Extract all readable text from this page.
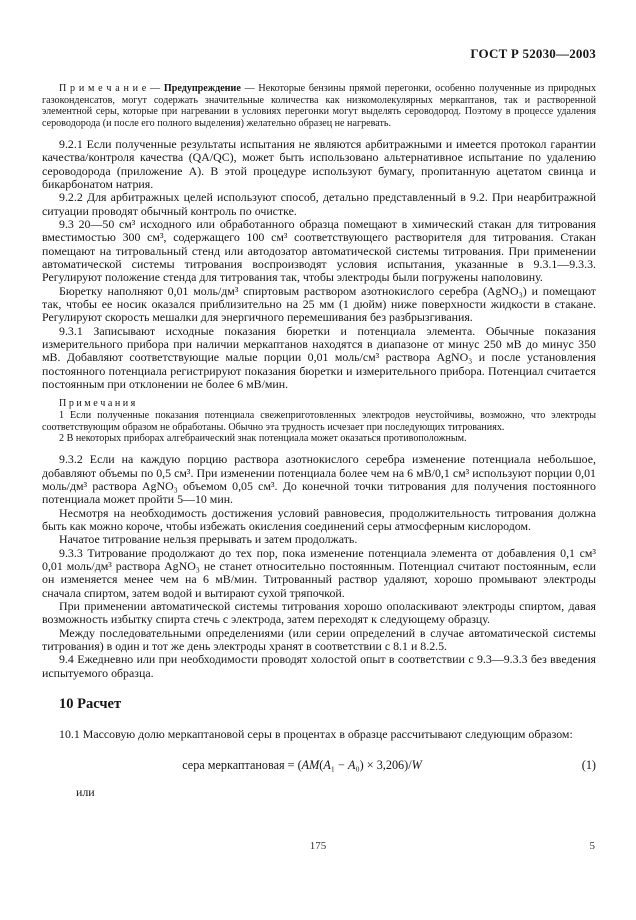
ГОСТ Р 52030—2003

П р и м е ч а н и е — Предупреждение — Некоторые бензины прямой перегонки, особенно полученные из природных газоконденсатов, могут содержать значительные количества как низкомолекулярных меркаптанов, так и растворенной элементной серы, которые при нагревании в условиях перегонки могут выделять сероводород. Поэтому в процессе удаления сероводорода (и после его полного выделения) желательно образец не нагревать.

9.2.1 Если полученные результаты испытания не являются арбитражными и имеется протокол гарантии качества/контроля качества (QA/QC), может быть использовано альтернативное испытание по удалению сероводорода (приложение А). В этой процедуре используют бумагу, пропитанную ацетатом свинца и бикарбонатом натрия.

9.2.2 Для арбитражных целей используют способ, детально представленный в 9.2. При неарбитражной ситуации проводят обычный контроль по очистке.

9.3 20—50 см³ исходного или обработанного образца помещают в химический стакан для титрования вместимостью 300 см³, содержащего 100 см³ соответствующего растворителя для титрования. Стакан помещают на титровальный стенд или автодозатор автоматической системы титрования. При применении автоматической системы титрования воспроизводят условия испытания, указанные в 9.3.1—9.3.3. Регулируют положение стенда для титрования так, чтобы электроды были погружены наполовину.

Бюретку наполняют 0,01 моль/дм³ спиртовым раствором азотнокислого серебра (AgNO₃) и помещают так, чтобы ее носик оказался приблизительно на 25 мм (1 дюйм) ниже поверхности жидкости в стакане. Регулируют скорость мешалки для энергичного перемешивания без разбрызгивания.

9.3.1 Записывают исходные показания бюретки и потенциала элемента. Обычные показания измерительного прибора при наличии меркаптанов находятся в диапазоне от минус 250 мВ до минус 350 мВ. Добавляют соответствующие малые порции 0,01 моль/см³ раствора AgNO₃ и после установления постоянного потенциала регистрируют показания бюретки и измерительного прибора. Потенциал считается постоянным при отклонении не более 6 мВ/мин.

П р и м е ч а н и я

1 Если полученные показания потенциала свежеприготовленных электродов неустойчивы, возможно, что электроды соответствующим образом не обработаны. Обычно эта трудность исчезает при последующих титрованиях.

2 В некоторых приборах алгебраический знак потенциала может оказаться противоположным.

9.3.2 Если на каждую порцию раствора азотнокислого серебра изменение потенциала небольшое, добавляют объемы по 0,5 см³. При изменении потенциала более чем на 6 мВ/0,1 см³ используют порции 0,01 моль/дм³ раствора AgNO₃ объемом 0,05 см³. До конечной точки титрования для получения постоянного потенциала может пройти 5—10 мин.

Несмотря на необходимость достижения условий равновесия, продолжительность титрования должна быть как можно короче, чтобы избежать окисления соединений серы атмосферным кислородом.

Начатое титрование нельзя прерывать и затем продолжать.

9.3.3 Титрование продолжают до тех пор, пока изменение потенциала элемента от добавления 0,1 см³ 0,01 моль/дм³ раствора AgNO₃ не станет относительно постоянным. Потенциал считают постоянным, если он изменяется менее чем на 6 мВ/мин. Титрованный раствор удаляют, хорошо промывают электроды сначала спиртом, затем водой и вытирают сухой тряпочкой.

При применении автоматической системы титрования хорошо ополаскивают электроды спиртом, давая возможность избытку спирта стечь с электрода, затем переходят к следующему образцу.

Между последовательными определениями (или серии определений в случае автоматической системы титрования) в один и тот же день электроды хранят в соответствии с 8.1 и 8.2.5.

9.4 Ежедневно или при необходимости проводят холостой опыт в соответствии с 9.3—9.3.3 без введения испытуемого образца.

10 Расчет

10.1 Массовую долю меркаптановой серы в процентах в образце рассчитывают следующим образом:

сера меркаптановая = (AM(A₁ − A₀) × 3,206)/W	(1)

или

175	5
